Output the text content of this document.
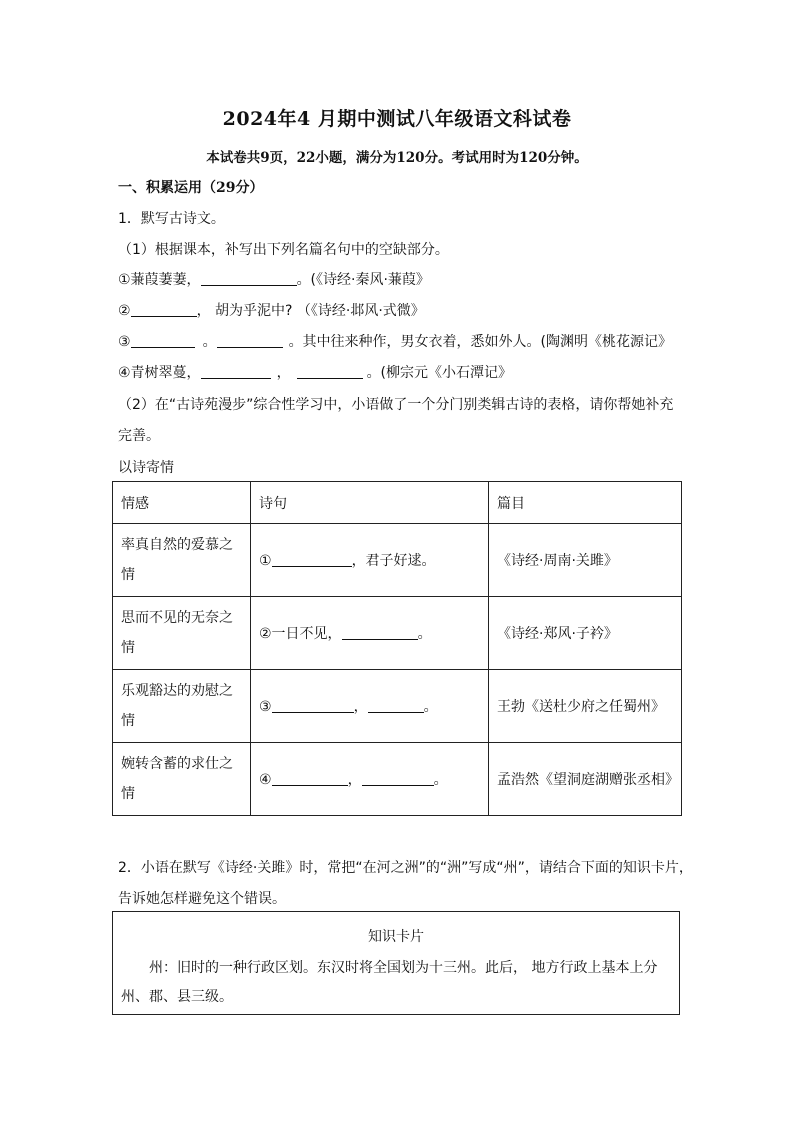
2024年4 月期中测试八年级语文科试卷
本试卷共9页，22小题，满分为120分。考试用时为120分钟。
一、积累运用（29分）
1．默写古诗文。
（1）根据课本，补写出下列名篇名句中的空缺部分。
①蒹葭萋萋，	。(《诗经·秦风·蒹葭》
②	， 胡为乎泥中? （《诗经·邶风·式微》
③	。	。其中往来种作，男女衣着，悉如外人。(陶渊明《桃花源记》
④青树翠蔓，	，	。(柳宗元《小石潭记》
（2）在“古诗苑漫步”综合性学习中，小语做了一个分门别类辑古诗的表格，请你帮她补充
完善。
以诗寄情
情感	诗句	篇目
率真自然的爱慕之情	① ，君子好逑。	《诗经·周南·关雎》
思而不见的无奈之情	②一日不见， 。	《诗经·郑风·子衿》
乐观豁达的劝慰之情	③ ， 。	王勃《送杜少府之任蜀州》
婉转含蓄的求仕之情	④ ， 。	孟浩然《望洞庭湖赠张丞相》
2．小语在默写《诗经·关雎》时，常把“在河之洲”的“洲”写成“州”，请结合下面的知识卡片，
告诉她怎样避免这个错误。
知识卡片
州：旧时的一种行政区划。东汉时将全国划为十三州。此后， 地方行政上基本上分州、郡、县三级。
